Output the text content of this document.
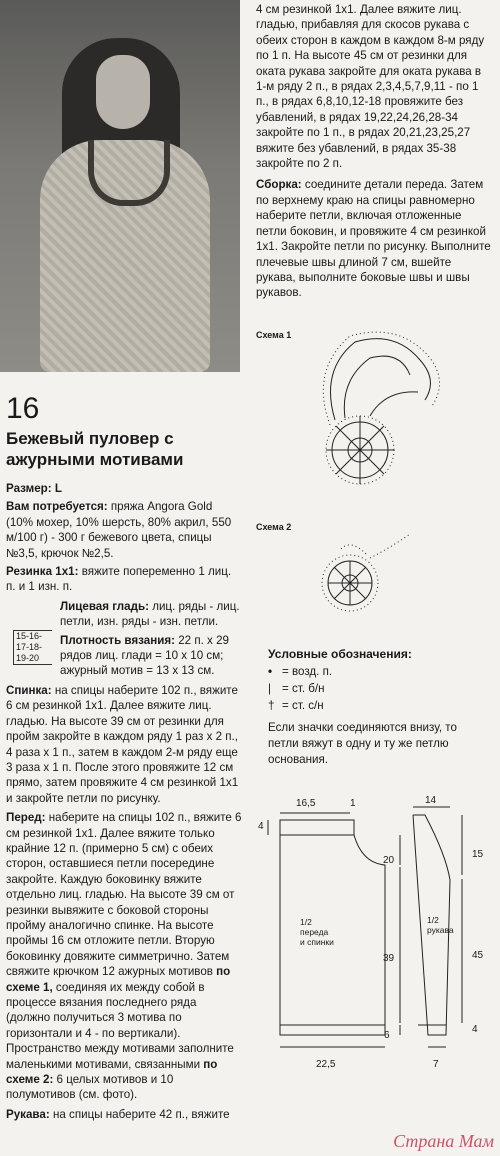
16
Бежевый пуловер с ажурными мотивами

Размер: L

Вам потребуется: пряжа Angora Gold (10% мохер, 10% шерсть, 80% акрил, 550 м/100 г) - 300 г бежевого цвета, спицы №3,5, крючок №2,5.

Резинка 1х1: вяжите попеременно 1 лиц. п. и 1 изн. п.

Лицевая гладь: лиц. ряды - лиц. петли, изн. ряды - изн. петли.

Плотность вязания: 22 п. х 29 рядов лиц. глади = 10 х 10 см; ажурный мотив = 13 х 13 см.

Спинка: на спицы наберите 102 п., вяжите 6 см резинкой 1х1. Далее вяжите лиц. гладью. На высоте 39 см от резинки для пройм закройте в каждом ряду 1 раз х 2 п., 4 раза х 1 п., затем в каждом 2-м ряду еще 3 раза х 1 п. После этого провяжите 12 см прямо, затем провяжите 4 см резинкой 1х1 и закройте петли по рисунку.

Перед: наберите на спицы 102 п., вяжите 6 см резинкой 1х1. Далее вяжите только крайние 12 п. (примерно 5 см) с обеих сторон, оставшиеся петли посередине закройте. Каждую боковинку вяжите отдельно лиц. гладью. На высоте 39 см от резинки вывяжите с боковой стороны пройму аналогично спинке. На высоте проймы 16 см отложите петли. Вторую боковинку довяжите симметрично. Затем свяжите крючком 12 ажурных мотивов по схеме 1, соединяя их между собой в процессе вязания последнего ряда (должно получиться 3 мотива по горизонтали и 4 - по вертикали). Пространство между мотивами заполните маленькими мотивами, связанными по схеме 2: 6 целых мотивов и 10 полумотивов (см. фото).

Рукава: на спицы наберите 42 п., вяжите

15-16-17-18-19-20

4 см резинкой 1х1. Далее вяжите лиц. гладью, прибавляя для скосов рукава с обеих сторон в каждом в каждом 8-м ряду по 1 п. На высоте 45 см от резинки для оката рукава закройте для оката рукава в 1-м ряду 2 п., в рядах 2,3,4,5,7,9,11 - по 1 п., в рядах 6,8,10,12-18 провяжите без убавлений, в рядах 19,22,24,26,28-34 закройте по 1 п., в рядах 20,21,23,25,27 вяжите без убавлений, в рядах 35-38 закройте по 2 п.

Сборка: соедините детали переда. Затем по верхнему краю на спицы равномерно наберите петли, включая отложенные петли боковин, и провяжите 4 см резинкой 1х1. Закройте петли по рисунку. Выполните плечевые швы длиной 7 см, вшейте рукава, выполните боковые швы и швы рукавов.

Схема 1
Схема 2

Условные обозначения:

• = возд. п.

| = ст. б/н

† = ст. с/н

Если значки соединяются внизу, то петли вяжут в одну и ту же петлю основания.

16,5	1
4
20
1/2
переда
и спинки
39
6
22,5
14
15
1/2
рукава
45
4
7
Страна Мам
